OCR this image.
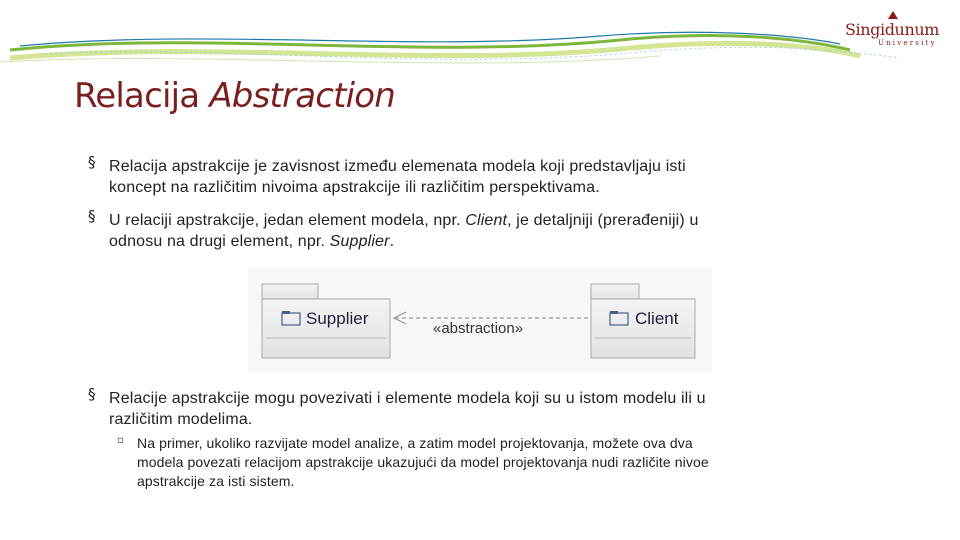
Singidunum
University
Relacija Abstraction
§ Relacija apstrakcije je zavisnost između elemenata modela koji predstavljaju isti
koncept na različitim nivoima apstrakcije ili različitim perspektivama.
§ U relaciji apstrakcije, jedan element modela, npr. Client, je detaljniji (prerađeniji) u
odnosu na drugi element, npr. Supplier.
Supplier	Client
«abstraction»
§ Relacije apstrakcije mogu povezivati i elemente modela koji su u istom modelu ili u
različitim modelima.
▫ Na primer, ukoliko razvijate model analize, a zatim model projektovanja, možete ova dva
modela povezati relacijom apstrakcije ukazujući da model projektovanja nudi različite nivoe
apstrakcije za isti sistem.
